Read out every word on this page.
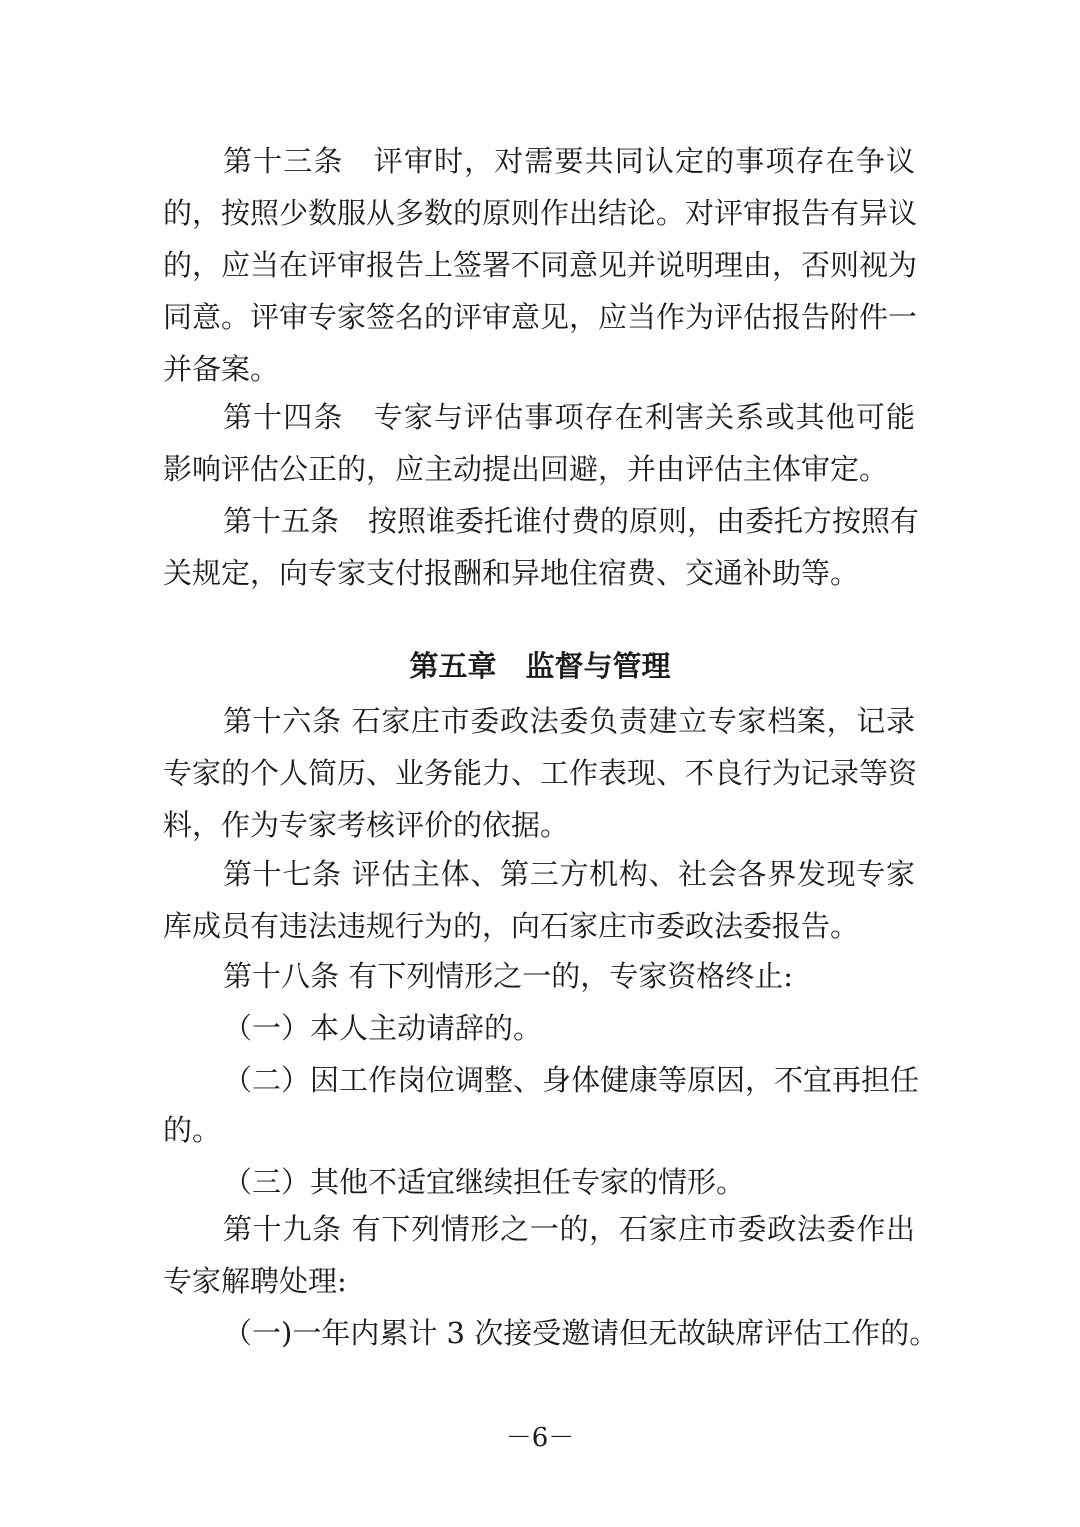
第十三条　评审时，对需要共同认定的事项存在争议
的，按照少数服从多数的原则作出结论。对评审报告有异议
的，应当在评审报告上签署不同意见并说明理由，否则视为
同意。评审专家签名的评审意见，应当作为评估报告附件一
并备案。
第十四条　专家与评估事项存在利害关系或其他可能
影响评估公正的，应主动提出回避，并由评估主体审定。
第十五条　按照谁委托谁付费的原则，由委托方按照有
关规定，向专家支付报酬和异地住宿费、交通补助等。
第五章　监督与管理
第十六条 石家庄市委政法委负责建立专家档案，记录
专家的个人简历、业务能力、工作表现、不良行为记录等资
料，作为专家考核评价的依据。
第十七条 评估主体、第三方机构、社会各界发现专家
库成员有违法违规行为的，向石家庄市委政法委报告。
第十八条 有下列情形之一的，专家资格终止:
（一）本人主动请辞的。
（二）因工作岗位调整、身体健康等原因，不宜再担任
的。
（三）其他不适宜继续担任专家的情形。
第十九条 有下列情形之一的，石家庄市委政法委作出
专家解聘处理:
（一)一年内累计 3 次接受邀请但无故缺席评估工作的。
－6－
